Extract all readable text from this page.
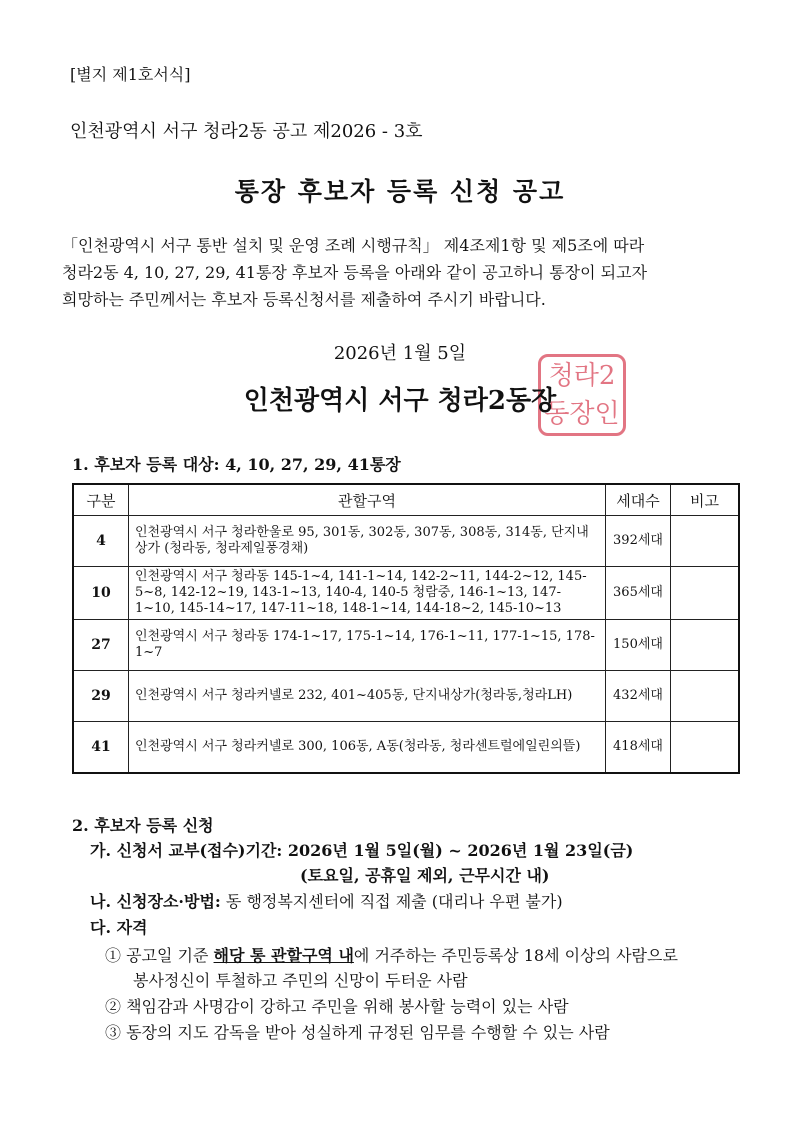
[별지 제1호서식]
인천광역시 서구 청라2동 공고 제2026 - 3호
통장 후보자 등록 신청 공고
「인천광역시 서구 통반 설치 및 운영 조례 시행규칙」 제4조제1항 및 제5조에 따라
청라2동 4, 10, 27, 29, 41통장 후보자 등록을 아래와 같이 공고하니 통장이 되고자
희망하는 주민께서는 후보자 등록신청서를 제출하여 주시기 바랍니다.
2026년 1월 5일
청라2
동장인
인천광역시 서구 청라2동장
1. 후보자 등록 대상: 4, 10, 27, 29, 41통장
구분	관할구역	세대수	비고
4	인천광역시 서구 청라한울로 95, 301동, 302동, 307동, 308동, 314동, 단지내 상가 (청라동, 청라제일풍경채)	392세대	
10	인천광역시 서구 청라동 145-1~4, 141-1~14, 142-2~11, 144-2~12, 145-5~8, 142-12~19, 143-1~13, 140-4, 140-5 청람중, 146-1~13, 147-1~10, 145-14~17, 147-11~18, 148-1~14, 144-18~2, 145-10~13	365세대	
27	인천광역시 서구 청라동 174-1~17, 175-1~14, 176-1~11, 177-1~15, 178-1~7	150세대	
29	인천광역시 서구 청라커넬로 232, 401~405동, 단지내상가(청라동,청라LH)	432세대	
41	인천광역시 서구 청라커넬로 300, 106동, A동(청라동, 청라센트럴에일린의뜰)	418세대	
2. 후보자 등록 신청
가. 신청서 교부(접수)기간: 2026년 1월 5일(월) ~ 2026년 1월 23일(금)
(토요일, 공휴일 제외, 근무시간 내)
나. 신청장소·방법: 동 행정복지센터에 직접 제출 (대리나 우편 불가)
다. 자격
① 공고일 기준 해당 통 관할구역 내에 거주하는 주민등록상 18세 이상의 사람으로
봉사정신이 투철하고 주민의 신망이 두터운 사람
② 책임감과 사명감이 강하고 주민을 위해 봉사할 능력이 있는 사람
③ 동장의 지도 감독을 받아 성실하게 규정된 임무를 수행할 수 있는 사람
